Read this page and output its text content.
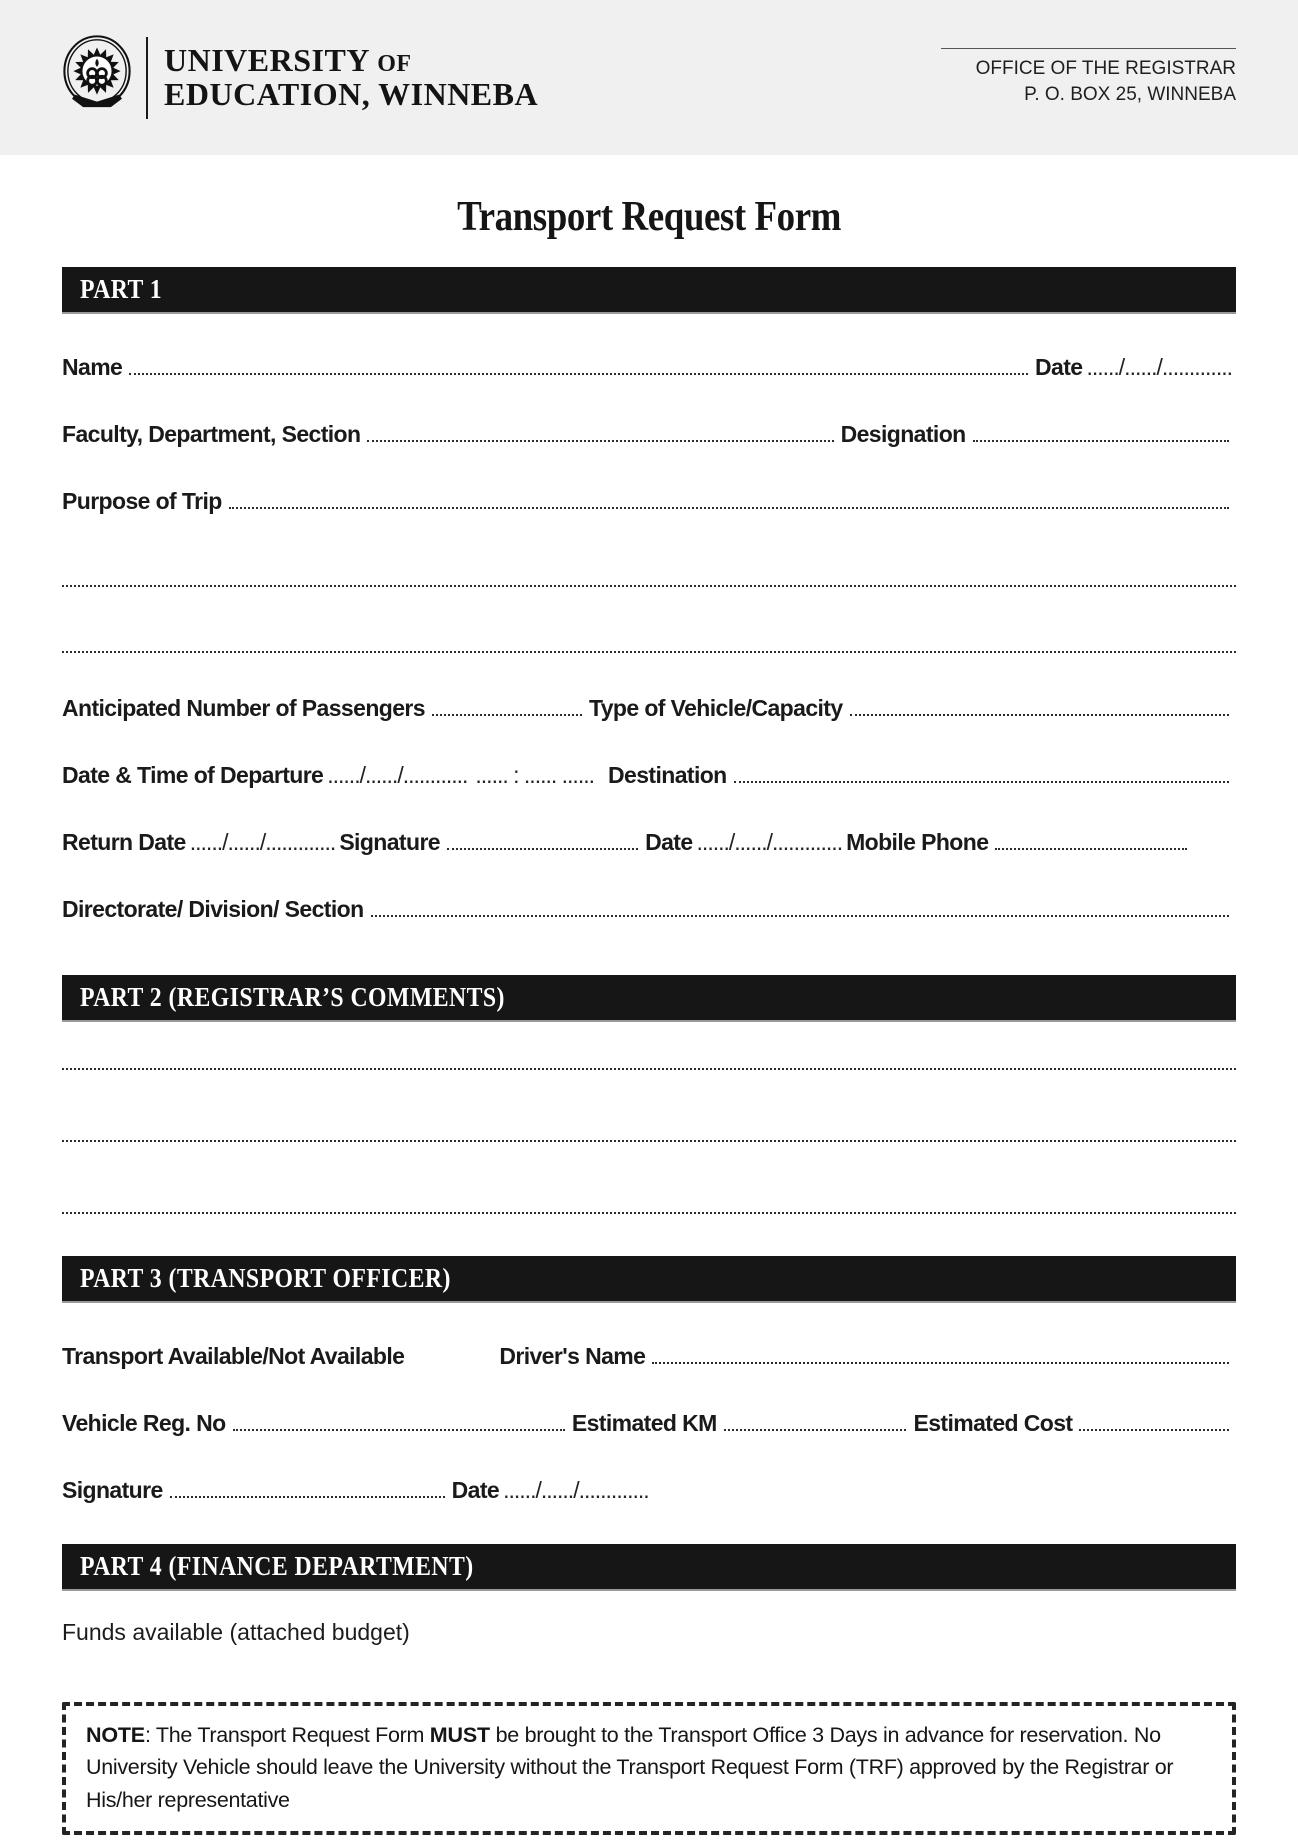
UNIVERSITY OF
EDUCATION, WINNEBA
OFFICE OF THE REGISTRAR
P. O. BOX 25, WINNEBA
Transport Request Form
PART 1
Name	Date ....../....../.............
Faculty, Department, Section	Designation
Purpose of Trip
Anticipated Number of Passengers	Type of Vehicle/Capacity
Date & Time of Departure ....../....../............ ...... : ...... ...... Destination
Return Date ....../....../............. Signature	Date ....../....../............. Mobile Phone
Directorate/ Division/ Section
PART 2 (REGISTRAR’S COMMENTS)
PART 3 (TRANSPORT OFFICER)
Transport Available/Not Available	Driver's Name
Vehicle Reg. No	Estimated KM	Estimated Cost
Signature	Date ....../....../.............
PART 4 (FINANCE DEPARTMENT)
Funds available (attached budget)
NOTE: The Transport Request Form MUST be brought to the Transport Office 3 Days in advance for reservation. No University Vehicle should leave the University without the Transport Request Form (TRF) approved by the Registrar or His/her representative
